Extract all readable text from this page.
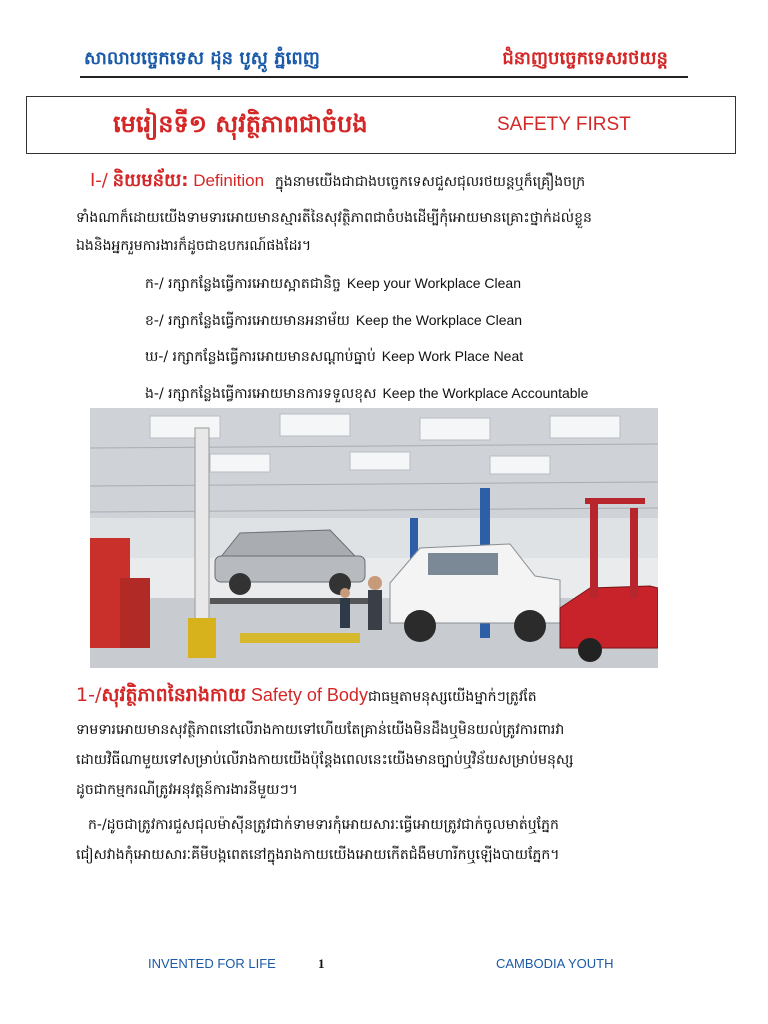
សាលាបច្ចេកទេស ដុន បូស្កូ ភ្នំពេញ	ជំនាញបច្ចេកទេសរថយន្ត
មេរៀនទី១ សុវត្ថិភាពជាចំបង	SAFETY FIRST
I-/ និយមន័យ: Definition ក្នុងនាមយើងជាជាងបច្ចេកទេសជួសជុលរថយន្តឬក៏គ្រឿងចក្រ
ទាំងណាក៏ដោយយើងទាមទារអោយមានស្មារតីនៃសុវត្ថិភាពជាចំបងដើម្បីកុំអោយមានគ្រោះថ្នាក់ដល់ខ្លួន
ឯងនិងអ្នករួមការងារក៏ដូចជាឧបករណ៍ផងដែរ។
ក-/ រក្សាកន្លែងធ្វើការអោយស្អាតជានិច្ច Keep your Workplace Clean
ខ-/ រក្សាកន្លែងធ្វើការអោយមានអនាម័យ Keep the Workplace Clean
ឃ-/ រក្សាកន្លែងធ្វើការអោយមានសណ្តាប់ធ្នាប់ Keep Work Place Neat
ង-/ រក្សាកន្លែងធ្វើការអោយមានការទទួលខុស Keep the Workplace Accountable
1-/សុវត្ថិភាពនៃរាងកាយ Safety of Bodyជាធម្មតាមនុស្សយើងម្នាក់ៗត្រូវតែ
ទាមទារអោយមានសុវត្ថិភាពនៅលើរាងកាយទៅហើយតែគ្រាន់យើងមិនដឹងឬមិនយល់ត្រូវការពារវា
ដោយវិធីណាមួយទៅសម្រាប់លើរាងកាយយើងប៉ុន្តែងពេលនេះយើងមានច្បាប់ឬវិន័យសម្រាប់មនុស្ស
ដូចជាកម្មករណីត្រូវអនុវត្តន៍ការងារនីមួយៗ។
ក-/ដូចជាត្រូវការជួសជុលម៉ាស៊ីនត្រូវជាក់ទាមទារកុំអោយសារៈធ្វើអោយត្រូវជាក់ចូលមាត់ឬភ្នែក
ជៀសវាងកុំអោយសារៈគីមីបង្កពេតនៅក្នុងរាងកាយយើងអោយកើតជំងឺមហារីកឬឡើងបាយភ្នែក។
INVENTED FOR LIFE	1	CAMBODIA YOUTH
